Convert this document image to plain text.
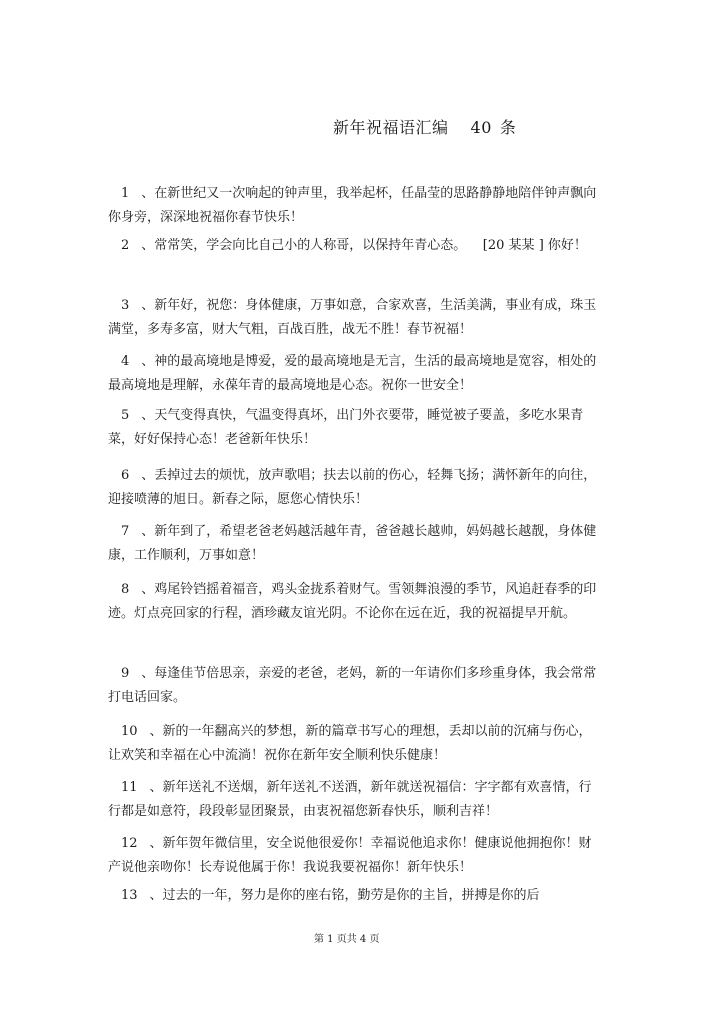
新年祝福语汇编 40 条
1 、在新世纪又一次响起的钟声里，我举起杯，任晶莹的思路静静地陪伴钟声飘向你身旁，深深地祝福你春节快乐！
2 、常常笑，学会向比自己小的人称哥，以保持年青心态。    [20 某某 ] 你好！
3 、新年好，祝您：身体健康，万事如意，合家欢喜，生活美满，事业有成，珠玉满堂，多寿多富，财大气粗，百战百胜，战无不胜！春节祝福！
4 、神的最高境地是博爱，爱的最高境地是无言，生活的最高境地是宽容，相处的最高境地是理解，永葆年青的最高境地是心态。祝你一世安全！
5 、天气变得真快，气温变得真坏，出门外衣要带，睡觉被子要盖，多吃水果青菜，好好保持心态！老爸新年快乐！
6 、丢掉过去的烦忧，放声歌唱；扶去以前的伤心，轻舞飞扬；满怀新年的向往，迎接喷薄的旭日。新春之际，愿您心情快乐！
7 、新年到了，希望老爸老妈越活越年青，爸爸越长越帅，妈妈越长越靓，身体健康，工作顺利，万事如意！
8 、鸡尾铃铛摇着福音，鸡头金拢系着财气。雪领舞浪漫的季节，风追赶春季的印迹。灯点亮回家的行程，酒珍藏友谊光阴。不论你在远在近，我的祝福提早开航。
9 、每逢佳节倍思亲，亲爱的老爸，老妈，新的一年请你们多珍重身体，我会常常打电话回家。
10 、新的一年翻高兴的梦想，新的篇章书写心的理想，丢却以前的沉痛与伤心，让欢笑和幸福在心中流淌！祝你在新年安全顺利快乐健康！
11 、新年送礼不送烟，新年送礼不送酒，新年就送祝福信：字字都有欢喜情，行行都是如意符，段段彰显团聚景，由衷祝福您新春快乐，顺利吉祥！
12 、新年贺年微信里，安全说他很爱你！幸福说他追求你！健康说他拥抱你！财产说他亲吻你！长寿说他属于你！我说我要祝福你！新年快乐！
13 、过去的一年，努力是你的座右铭，勤劳是你的主旨，拼搏是你的后
第 1 页共 4 页
